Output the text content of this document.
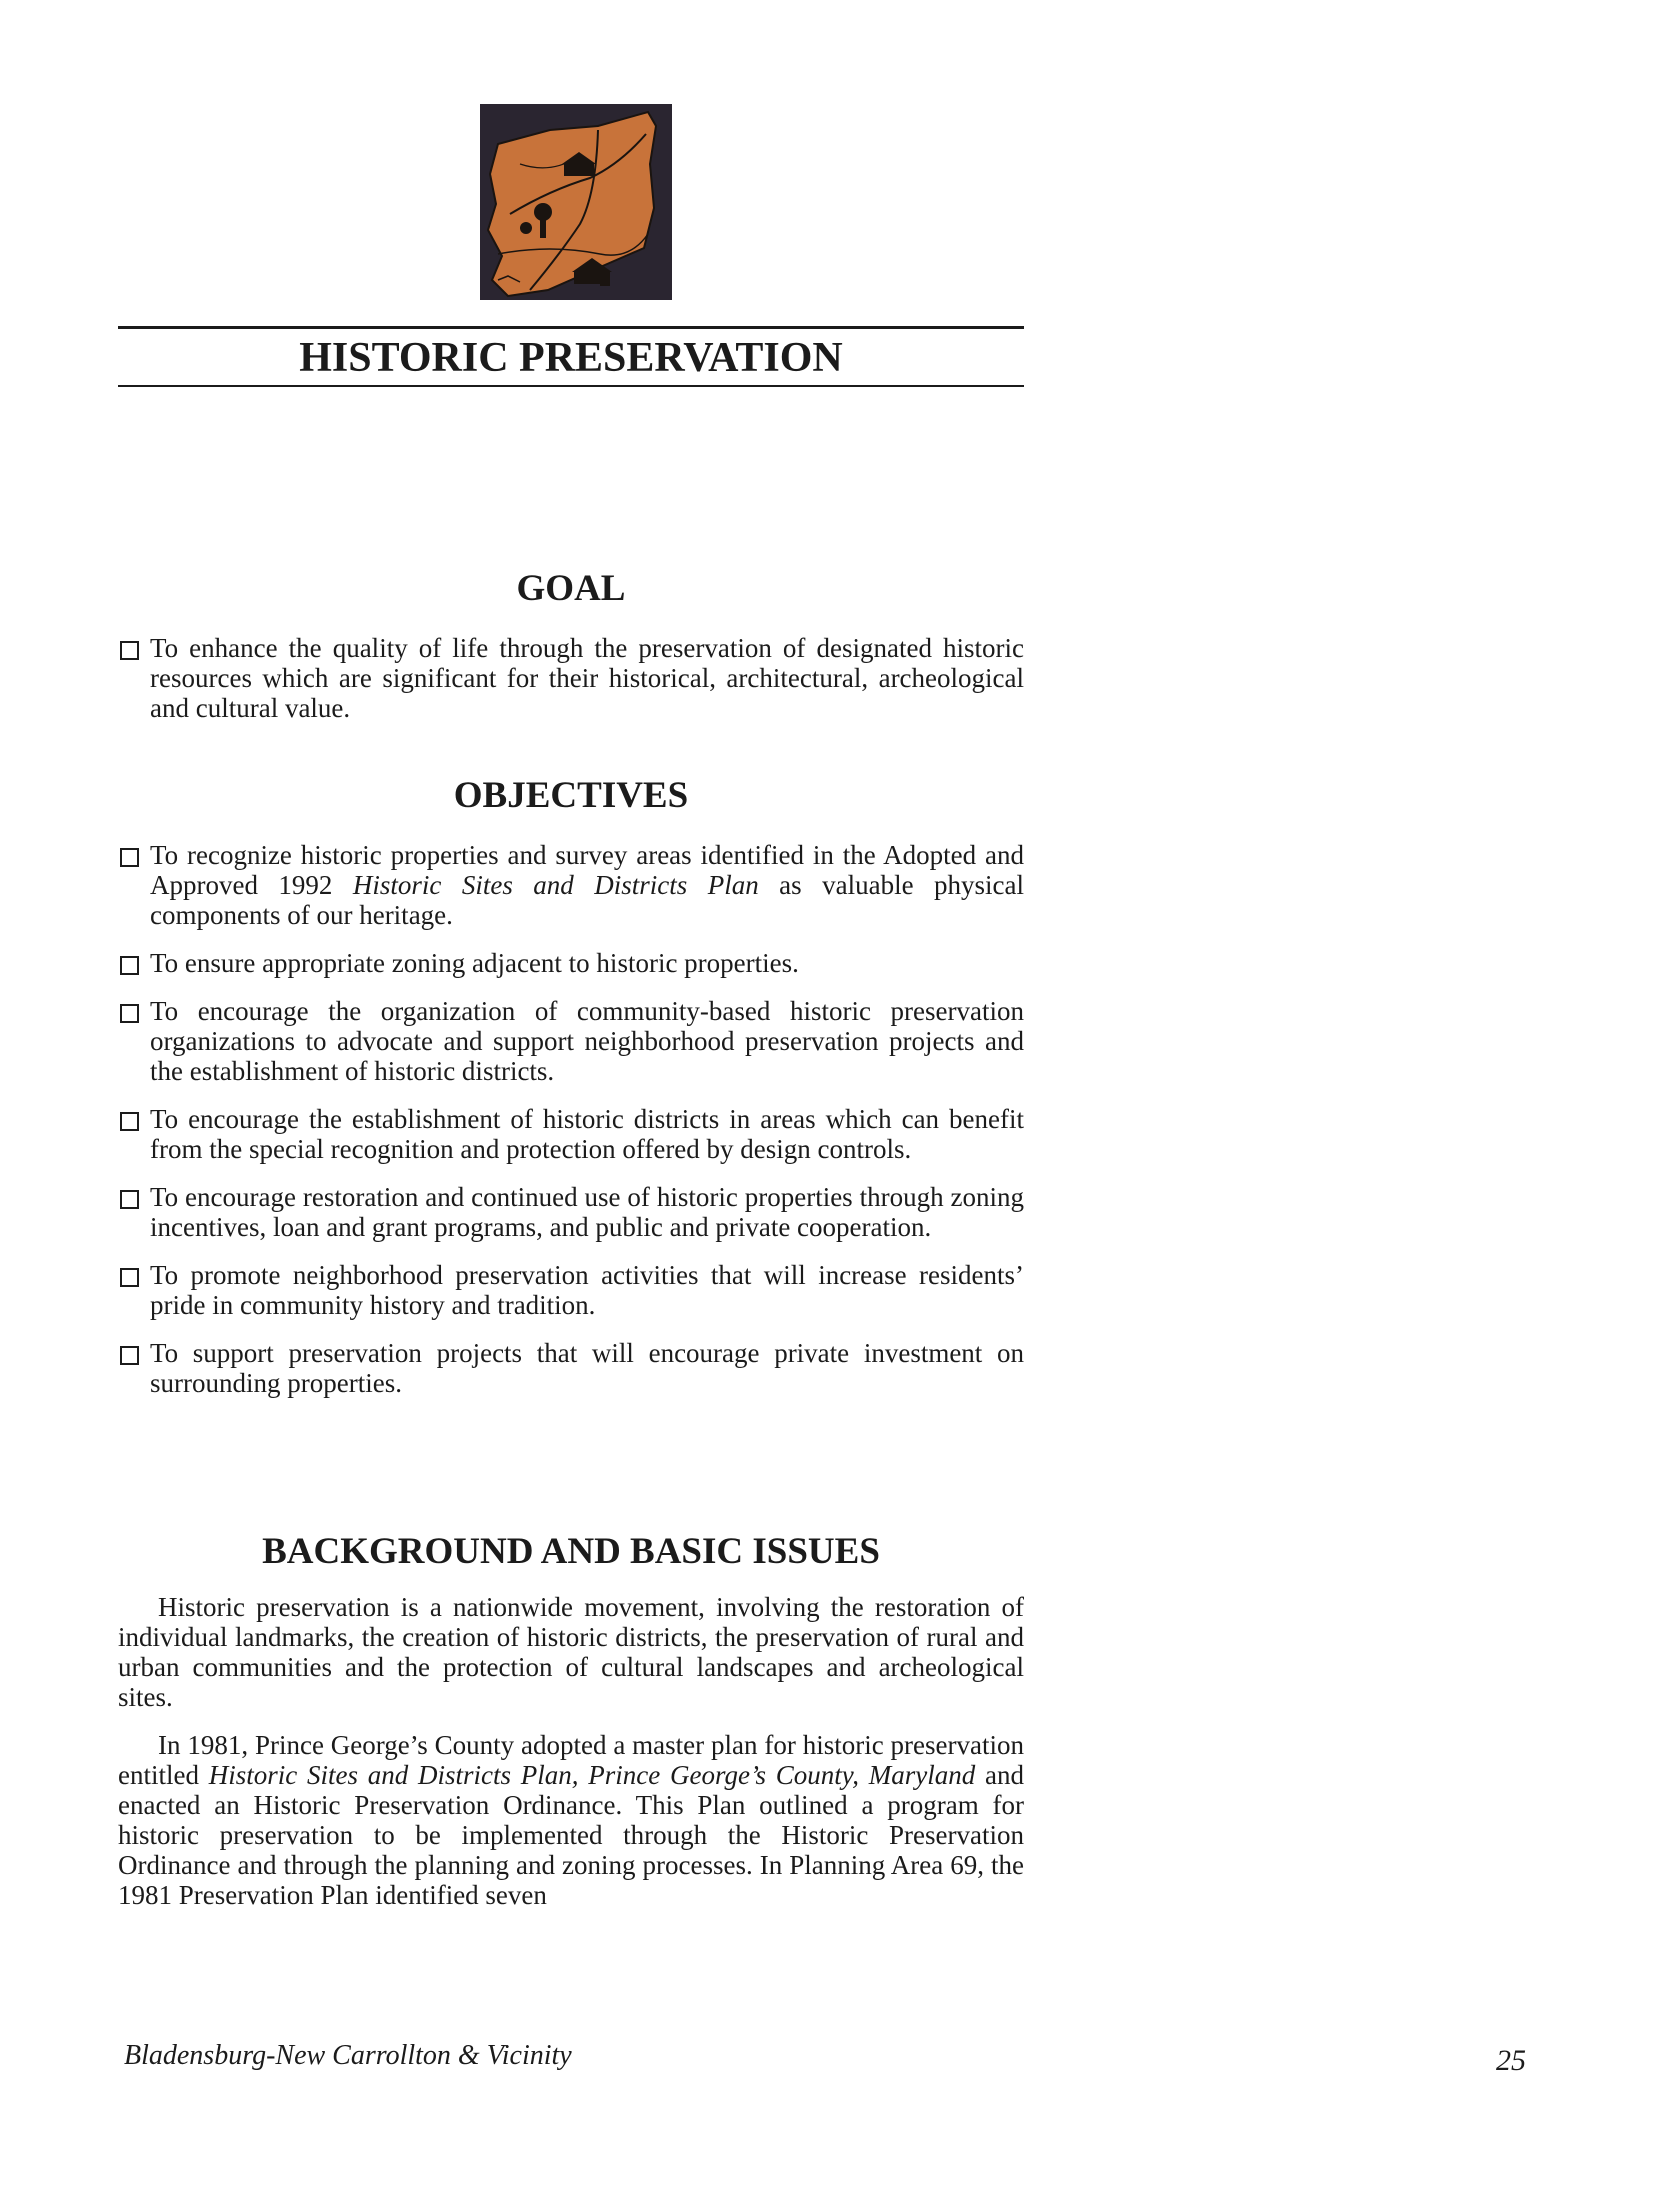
HISTORIC PRESERVATION
GOAL

To enhance the quality of life through the preservation of designated historic resources which are significant for their historical, architectural, archeological and cultural value.

OBJECTIVES

To recognize historic properties and survey areas identified in the Adopted and Approved 1992 Historic Sites and Districts Plan as valuable physical components of our heritage.

To ensure appropriate zoning adjacent to historic properties.

To encourage the organization of community-based historic preservation organizations to advocate and support neighborhood preservation projects and the establishment of historic districts.

To encourage the establishment of historic districts in areas which can benefit from the special recognition and protection offered by design controls.

To encourage restoration and continued use of historic properties through zoning incentives, loan and grant programs, and public and private cooperation.

To promote neighborhood preservation activities that will increase residents’ pride in community history and tradition.

To support preservation projects that will encourage private investment on surrounding properties.

BACKGROUND AND BASIC ISSUES

Historic preservation is a nationwide movement, involving the restoration of individual landmarks, the creation of historic districts, the preservation of rural and urban communities and the protection of cultural landscapes and archeological sites.

In 1981, Prince George’s County adopted a master plan for historic preservation entitled Historic Sites and Districts Plan, Prince George’s County, Maryland and enacted an Historic Preservation Ordinance. This Plan outlined a program for historic preservation to be implemented through the Historic Preservation Ordinance and through the planning and zoning processes. In Planning Area 69, the 1981 Preservation Plan identified seven

Bladensburg-New Carrollton & Vicinity	25
